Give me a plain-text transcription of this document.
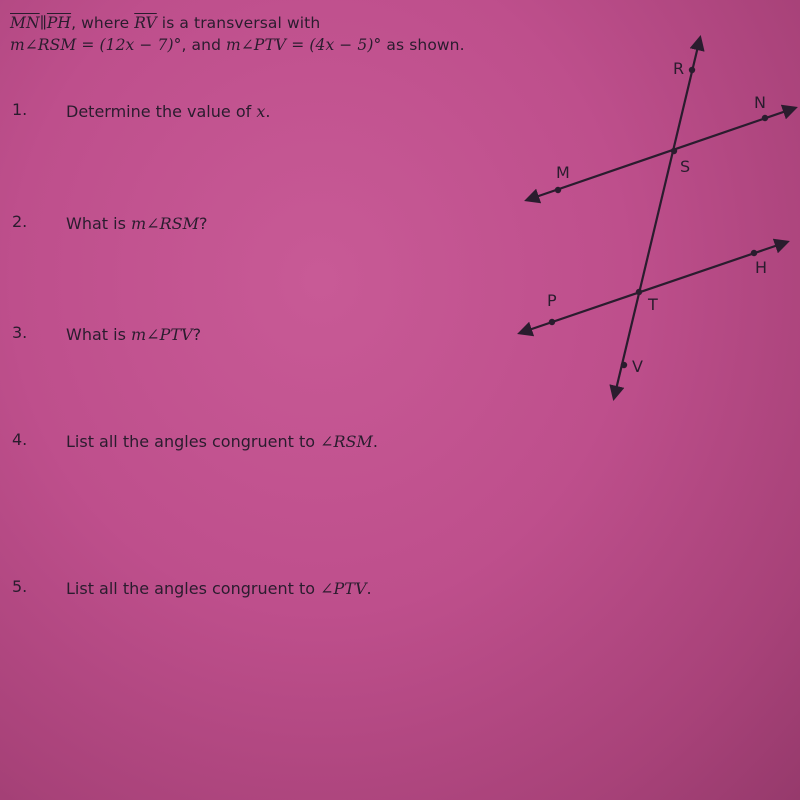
$\overline{MN}\parallel\overline{PH}$, where $\overline{RV}$ is a transversal with
m∠RSM = (12x − 7)°, and m∠PTV = (4x − 5)° as shown.
1. Determine the value of x.
2. What is m∠RSM?
3. What is m∠PTV?
4. List all the angles congruent to ∠RSM.
5. List all the angles congruent to ∠PTV.
R
N
S
M
H
P	T
V
